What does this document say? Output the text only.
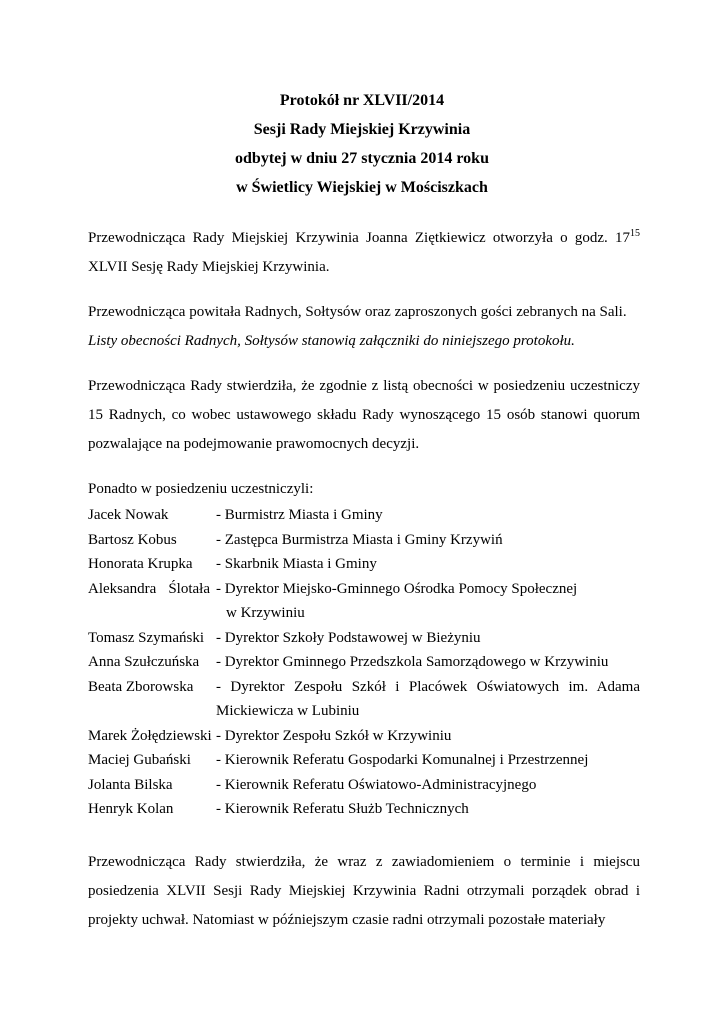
Protokół nr XLVII/2014
Sesji Rady Miejskiej Krzywinia
odbytej w dniu 27 stycznia 2014 roku
w Świetlicy Wiejskiej w Mościszkach
Przewodnicząca Rady Miejskiej Krzywinia Joanna Ziętkiewicz otworzyła o godz. $17^{15}$ XLVII Sesję Rady Miejskiej Krzywinia.
Przewodnicząca powitała Radnych, Sołtysów oraz zaproszonych gości zebranych na Sali.
Listy obecności Radnych, Sołtysów stanowią załączniki do niniejszego protokołu.
Przewodnicząca Rady stwierdziła, że zgodnie z listą obecności w posiedzeniu uczestniczy 15 Radnych, co wobec ustawowego składu Rady wynoszącego 15 osób stanowi quorum pozwalające na podejmowanie prawomocnych decyzji.
Ponadto w posiedzeniu uczestniczyli:
Jacek Nowak	- Burmistrz Miasta i Gminy
Bartosz Kobus	- Zastępca Burmistrza Miasta i Gminy Krzywiń
Honorata Krupka	- Skarbnik Miasta i Gminy
Aleksandra Ślotała - Dyrektor Miejsko-Gminnego Ośrodka Pomocy Społecznej
w Krzywiniu
Tomasz Szymański - Dyrektor Szkoły Podstawowej w Bieżyniu
Anna Szułczuńska	- Dyrektor Gminnego Przedszkola Samorządowego w Krzywiniu
Beata Zborowska	- Dyrektor Zespołu Szkół i Placówek Oświatowych im. Adama Mickiewicza w Lubiniu
Marek Żołędziewski - Dyrektor Zespołu Szkół w Krzywiniu
Maciej Gubański	- Kierownik Referatu Gospodarki Komunalnej i Przestrzennej
Jolanta Bilska	- Kierownik Referatu Oświatowo-Administracyjnego
Henryk Kolan	- Kierownik Referatu Służb Technicznych
Przewodnicząca Rady stwierdziła, że wraz z zawiadomieniem o terminie i miejscu posiedzenia XLVII Sesji Rady Miejskiej Krzywinia Radni otrzymali porządek obrad i projekty uchwał. Natomiast w późniejszym czasie radni otrzymali pozostałe materiały
